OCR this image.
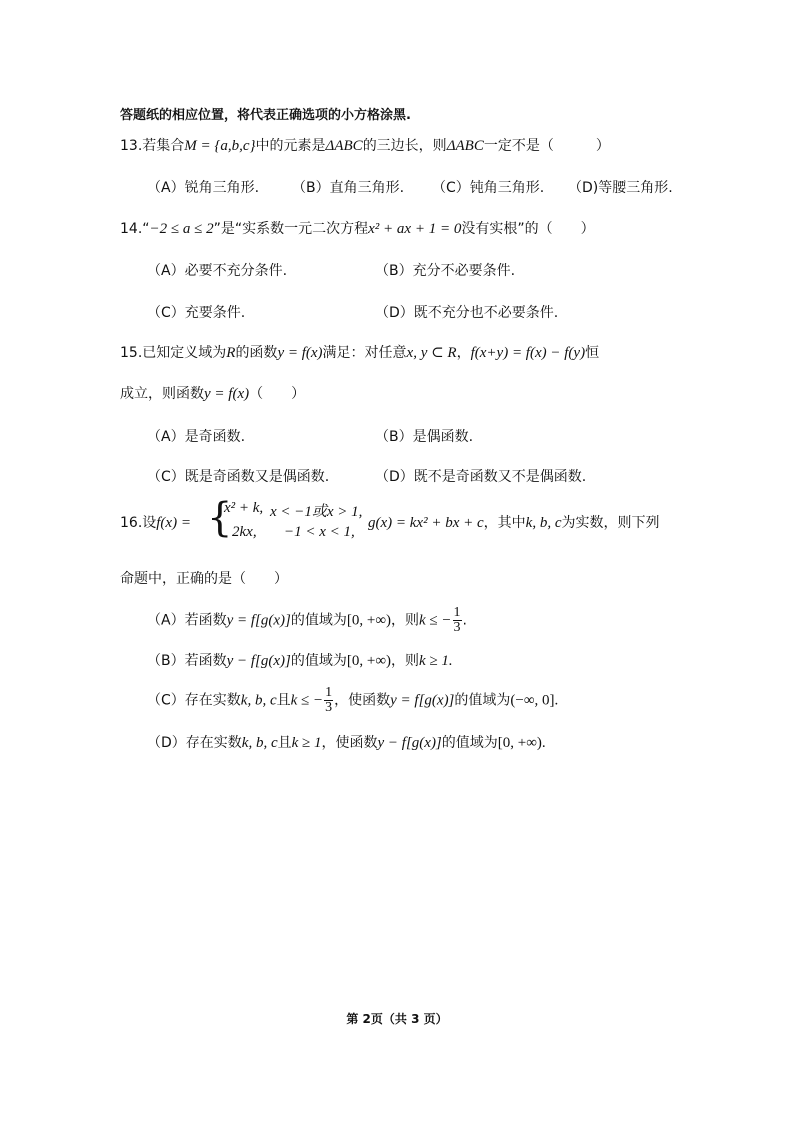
答题纸的相应位置，将代表正确选项的小方格涂黑.
13.若集合M = {a,b,c}中的元素是ΔABC的三边长，则ΔABC一定不是（　　　）
（A）锐角三角形. （B）直角三角形. （C）钝角三角形. （D)等腰三角形.
14.“−2 ≤ a ≤ 2”是“实系数一元二次方程x² + ax + 1 = 0没有实根”的（　　）
（A）必要不充分条件.	（B）充分不必要条件.
（C）充要条件.	（D）既不充分也不必要条件.
15.已知定义域为R的函数y = f(x)满足：对任意x, y ⊂ R，f(x+y) = f(x) − f(y)恒
成立，则函数y = f(x)（　　）
（A）是奇函数.	（B）是偶函数.
（C）既是奇函数又是偶函数.	（D）既不是奇函数又不是偶函数.
16.设f(x) = {
x² + k, x < −1或x > 1,
2kx, −1 < x < 1,
g(x) = kx² + bx + c，其中k, b, c为实数，则下列
命题中，正确的是（　　）
（A）若函数y = f[g(x)]的值域为[0, +∞)，则k ≤ − $\frac{1}{3}$ .
（B）若函数y − f[g(x)]的值域为[0, +∞)，则k ≥ 1.
（C）存在实数k, b, c且k ≤ − $\frac{1}{3}$ ，使函数y = f[g(x)]的值域为(−∞, 0].
（D）存在实数k, b, c且k ≥ 1，使函数y − f[g(x)]的值域为[0, +∞).
第 2页（共 3 页）
